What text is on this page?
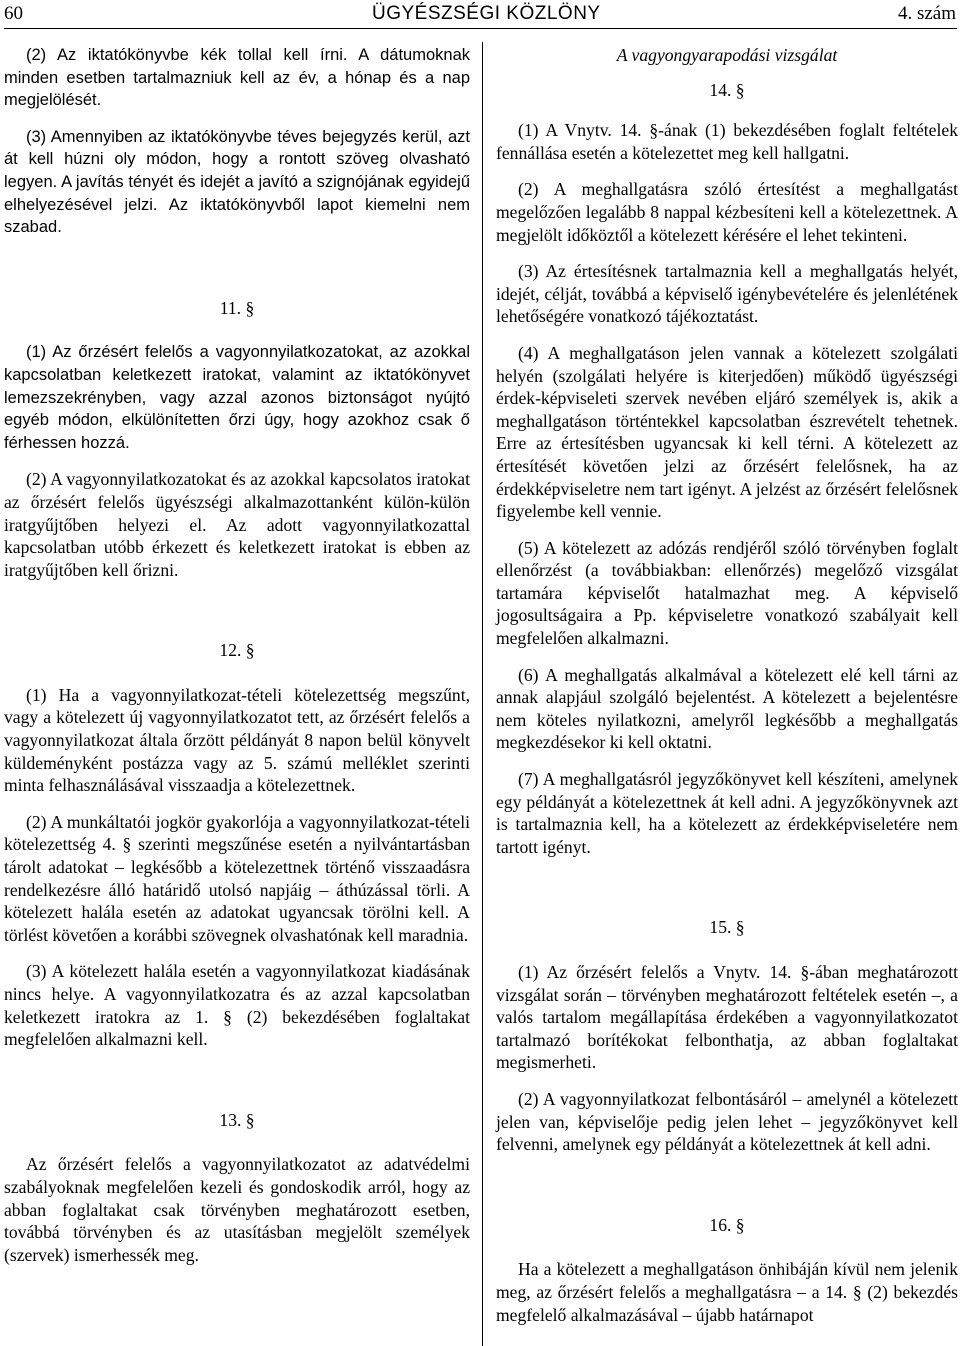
60	ÜGYÉSZSÉGI KÖZLÖNY	4. szám

(2) Az iktatókönyvbe kék tollal kell írni. A dátumoknak minden esetben tartalmazniuk kell az év, a hónap és a nap megjelölését.

(3) Amennyiben az iktatókönyvbe téves bejegyzés kerül, azt át kell húzni oly módon, hogy a rontott szöveg olvasható legyen. A javítás tényét és idejét a javító a szignójának egyidejű elhelyezésével jelzi. Az iktatókönyvből lapot kiemelni nem szabad.

11. §

(1) Az őrzésért felelős a vagyonnyilatkozatokat, az azokkal kapcsolatban keletkezett iratokat, valamint az iktatókönyvet lemezszekrényben, vagy azzal azonos biztonságot nyújtó egyéb módon, elkülönítetten őrzi úgy, hogy azokhoz csak ő férhessen hozzá.

(2) A vagyonnyilatkozatokat és az azokkal kapcsolatos iratokat az őrzésért felelős ügyészségi alkalmazottanként külön-külön iratgyűjtőben helyezi el. Az adott vagyonnyilatkozattal kapcsolatban utóbb érkezett és keletkezett iratokat is ebben az iratgyűjtőben kell őrizni.

12. §

(1) Ha a vagyonnyilatkozat-tételi kötelezettség megszűnt, vagy a kötelezett új vagyonnyilatkozatot tett, az őrzésért felelős a vagyonnyilatkozat általa őrzött példányát 8 napon belül könyvelt küldeményként postázza vagy az 5. számú melléklet szerinti minta felhasználásával visszaadja a kötelezettnek.

(2) A munkáltatói jogkör gyakorlója a vagyonnyilatkozat-tételi kötelezettség 4. § szerinti megszűnése esetén a nyilvántartásban tárolt adatokat – legkésőbb a kötelezettnek történő visszaadásra rendelkezésre álló határidő utolsó napjáig – áthúzással törli. A kötelezett halála esetén az adatokat ugyancsak törölni kell. A törlést követően a korábbi szövegnek olvashatónak kell maradnia.

(3) A kötelezett halála esetén a vagyonnyilatkozat kiadásának nincs helye. A vagyonnyilatkozatra és az azzal kapcsolatban keletkezett iratokra az 1. § (2) bekezdésében foglaltakat megfelelően alkalmazni kell.

13. §

Az őrzésért felelős a vagyonnyilatkozatot az adatvédelmi szabályoknak megfelelően kezeli és gondoskodik arról, hogy az abban foglaltakat csak törvényben meghatározott esetben, továbbá törvényben és az utasításban megjelölt személyek (szervek) ismerhessék meg.

A vagyongyarapodási vizsgálat
14. §

(1) A Vnytv. 14. §-ának (1) bekezdésében foglalt feltételek fennállása esetén a kötelezettet meg kell hallgatni.

(2) A meghallgatásra szóló értesítést a meghallgatást megelőzően legalább 8 nappal kézbesíteni kell a kötelezettnek. A megjelölt időköztől a kötelezett kérésére el lehet tekinteni.

(3) Az értesítésnek tartalmaznia kell a meghallgatás helyét, idejét, célját, továbbá a képviselő igénybevételére és jelenlétének lehetőségére vonatkozó tájékoztatást.

(4) A meghallgatáson jelen vannak a kötelezett szolgálati helyén (szolgálati helyére is kiterjedően) működő ügyészségi érdek-képviseleti szervek nevében eljáró személyek is, akik a meghallgatáson történtekkel kapcsolatban észrevételt tehetnek. Erre az értesítésben ugyancsak ki kell térni. A kötelezett az értesítését követően jelzi az őrzésért felelősnek, ha az érdekképviseletre nem tart igényt. A jelzést az őrzésért felelősnek figyelembe kell vennie.

(5) A kötelezett az adózás rendjéről szóló törvényben foglalt ellenőrzést (a továbbiakban: ellenőrzés) megelőző vizsgálat tartamára képviselőt hatalmazhat meg. A képviselő jogosultságaira a Pp. képviseletre vonatkozó szabályait kell megfelelően alkalmazni.

(6) A meghallgatás alkalmával a kötelezett elé kell tárni az annak alapjául szolgáló bejelentést. A kötelezett a bejelentésre nem köteles nyilatkozni, amelyről legkésőbb a meghallgatás megkezdésekor ki kell oktatni.

(7) A meghallgatásról jegyzőkönyvet kell készíteni, amelynek egy példányát a kötelezettnek át kell adni. A jegyzőkönyvnek azt is tartalmaznia kell, ha a kötelezett az érdekképviseletére nem tartott igényt.

15. §

(1) Az őrzésért felelős a Vnytv. 14. §-ában meghatározott vizsgálat során – törvényben meghatározott feltételek esetén –, a valós tartalom megállapítása érdekében a vagyonnyilatkozatot tartalmazó borítékokat felbonthatja, az abban foglaltakat megismerheti.

(2) A vagyonnyilatkozat felbontásáról – amelynél a kötelezett jelen van, képviselője pedig jelen lehet – jegyzőkönyvet kell felvenni, amelynek egy példányát a kötelezettnek át kell adni.

16. §

Ha a kötelezett a meghallgatáson önhibáján kívül nem jelenik meg, az őrzésért felelős a meghallgatásra – a 14. § (2) bekezdés megfelelő alkalmazásával – újabb határnapot
